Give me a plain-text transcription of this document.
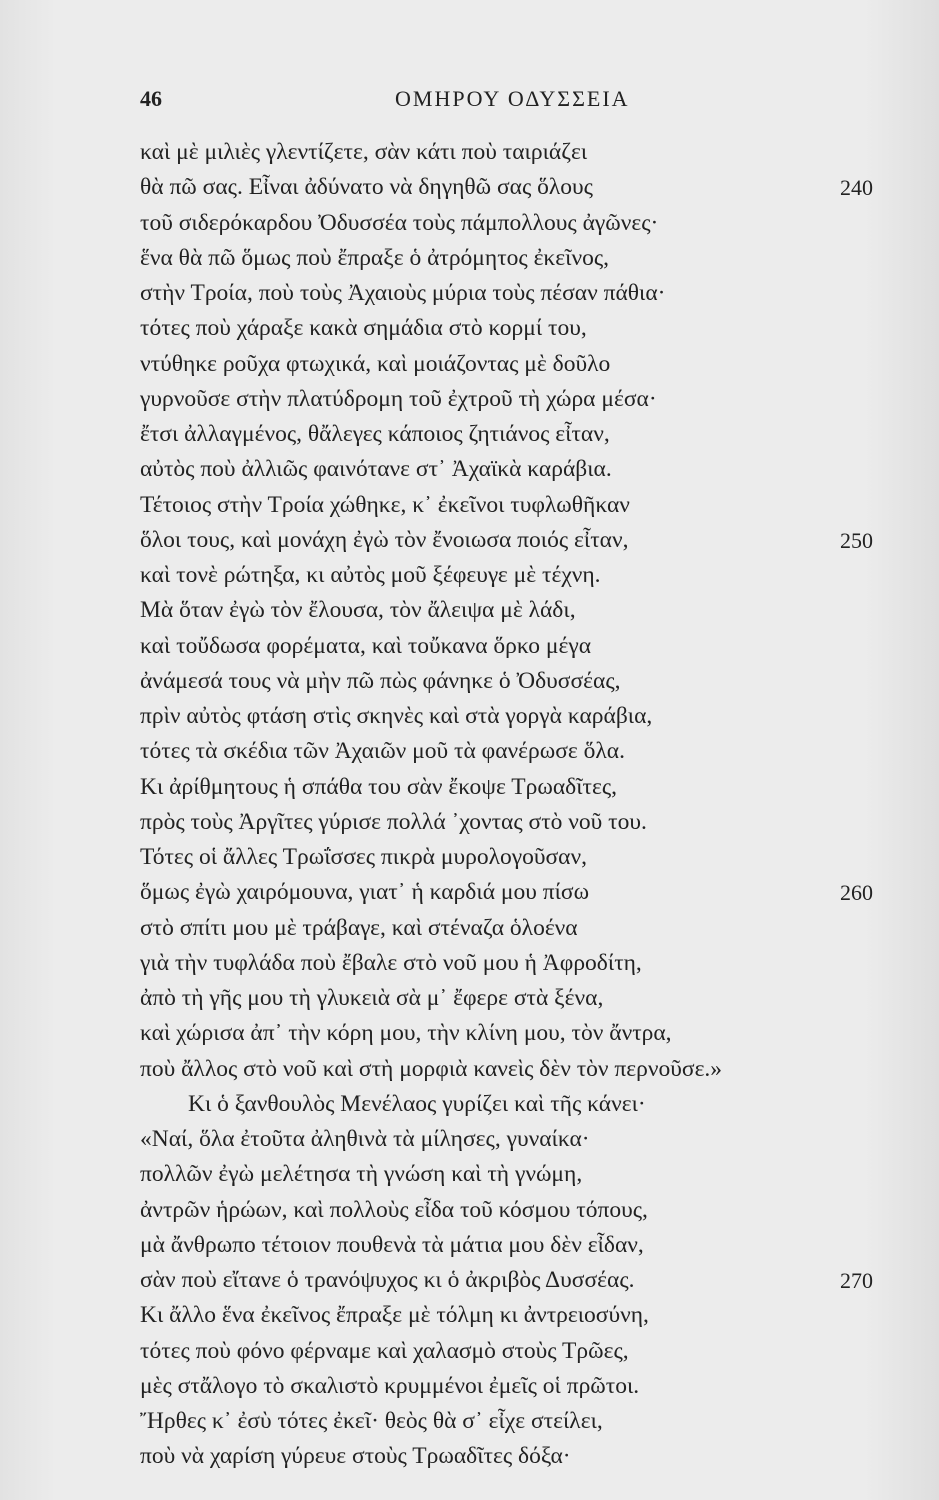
46	ΟΜΗΡΟΥ ΟΔΥΣΣΕΙΑ
καὶ μὲ μιλιὲς γλεντίζετε, σὰν κάτι ποὺ ταιριάζει
θὰ πῶ σας. Εἶναι ἀδύνατο νὰ δηγηθῶ σας ὅλους	240
τοῦ σιδερόκαρδου Ὀδυσσέα τοὺς πάμπολλους ἀγῶνες·
ἕνα θὰ πῶ ὅμως ποὺ ἔπραξε ὁ ἀτρόμητος ἐκεῖνος,
στὴν Τροία, ποὺ τοὺς Ἀχαιοὺς μύρια τοὺς πέσαν πάθια·
τότες ποὺ χάραξε κακὰ σημάδια στὸ κορμί του,
ντύθηκε ροῦχα φτωχικά, καὶ μοιάζοντας μὲ δοῦλο
γυρνοῦσε στὴν πλατύδρομη τοῦ ἐχτροῦ τὴ χώρα μέσα·
ἔτσι ἀλλαγμένος, θἄλεγες κάποιος ζητιάνος εἶταν,
αὐτὸς ποὺ ἀλλιῶς φαινότανε στ᾽ Ἀχαϊκὰ καράβια.
Τέτοιος στὴν Τροία χώθηκε, κ᾽ ἐκεῖνοι τυφλωθῆκαν
ὅλοι τους, καὶ μονάχη ἐγὼ τὸν ἔνοιωσα ποιός εἶταν,	250
καὶ τονὲ ρώτηξα, κι αὐτὸς μοῦ ξέφευγε μὲ τέχνη.
Μὰ ὅταν ἐγὼ τὸν ἔλουσα, τὸν ἄλειψα μὲ λάδι,
καὶ τοὔδωσα φορέματα, καὶ τοὔκανα ὅρκο μέγα
ἀνάμεσά τους νὰ μὴν πῶ πὼς φάνηκε ὁ Ὀδυσσέας,
πρὶν αὐτὸς φτάση στὶς σκηνὲς καὶ στὰ γοργὰ καράβια,
τότες τὰ σκέδια τῶν Ἀχαιῶν μοῦ τὰ φανέρωσε ὅλα.
Κι ἀρίθμητους ἡ σπάθα του σὰν ἔκοψε Τρωαδῖτες,
πρὸς τοὺς Ἀργῖτες γύρισε πολλά ᾽χοντας στὸ νοῦ του.
Τότες οἱ ἄλλες Τρωΐσσες πικρὰ μυρολογοῦσαν,
ὅμως ἐγὼ χαιρόμουνα, γιατ᾽ ἡ καρδιά μου πίσω	260
στὸ σπίτι μου μὲ τράβαγε, καὶ στέναζα ὁλοένα
γιὰ τὴν τυφλάδα ποὺ ἔβαλε στὸ νοῦ μου ἡ Ἀφροδίτη,
ἀπὸ τὴ γῆς μου τὴ γλυκειὰ σὰ μ᾽ ἔφερε στὰ ξένα,
καὶ χώρισα ἀπ᾽ τὴν κόρη μου, τὴν κλίνη μου, τὸν ἄντρα,
ποὺ ἄλλος στὸ νοῦ καὶ στὴ μορφιὰ κανεὶς δὲν τὸν περνοῦσε.»
Κι ὁ ξανθουλὸς Μενέλαος γυρίζει καὶ τῆς κάνει·
«Ναί, ὅλα ἐτοῦτα ἀληθινὰ τὰ μίλησες, γυναίκα·
πολλῶν ἐγὼ μελέτησα τὴ γνώση καὶ τὴ γνώμη,
ἀντρῶν ἡρώων, καὶ πολλοὺς εἶδα τοῦ κόσμου τόπους,
μὰ ἄνθρωπο τέτοιον πουθενὰ τὰ μάτια μου δὲν εἶδαν,
σὰν ποὺ εἴτανε ὁ τρανόψυχος κι ὁ ἀκριβὸς Δυσσέας.	270
Κι ἄλλο ἕνα ἐκεῖνος ἔπραξε μὲ τόλμη κι ἀντρειοσύνη,
τότες ποὺ φόνο φέρναμε καὶ χαλασμὸ στοὺς Τρῶες,
μὲς στἄλογο τὸ σκαλιστὸ κρυμμένοι ἐμεῖς οἱ πρῶτοι.
Ἤρθες κ᾽ ἐσὺ τότες ἐκεῖ· θεὸς θὰ σ᾽ εἶχε στείλει,
ποὺ νὰ χαρίση γύρευε στοὺς Τρωαδῖτες δόξα·
